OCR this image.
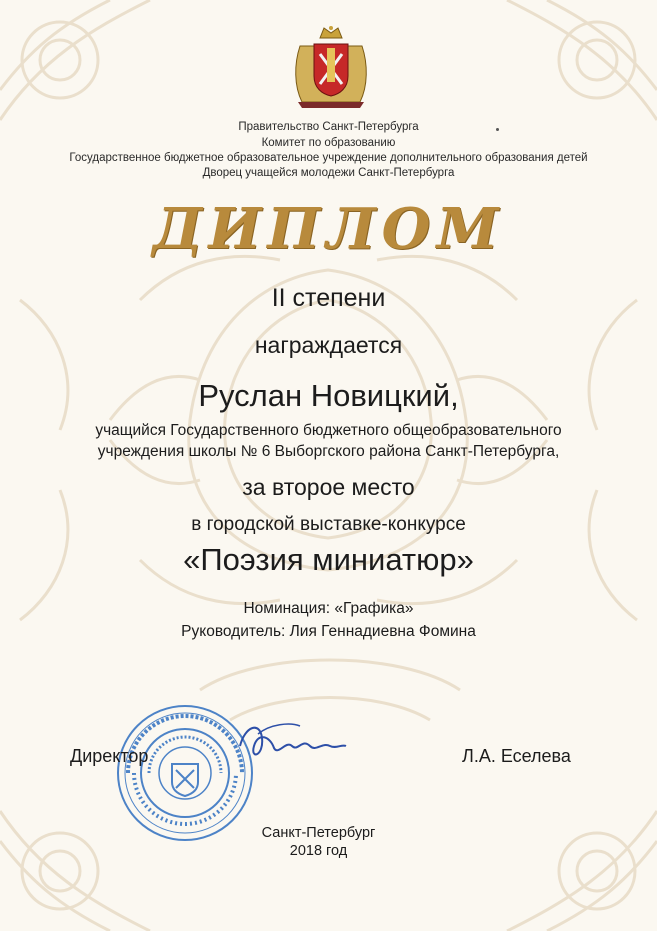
Правительство Санкт-Петербурга
Комитет по образованию
Государственное бюджетное образовательное учреждение дополнительного образования детей
Дворец учащейся молодежи Санкт-Петербурга
ДИПЛОМ
II степени
награждается
Руслан Новицкий,
учащийся Государственного бюджетного общеобразовательного
учреждения школы № 6 Выборгского района Санкт-Петербурга,
за второе место
в городской выставке-конкурсе
«Поэзия миниатюр»
Номинация: «Графика»
Руководитель: Лия Геннадиевна Фомина
Директор	Л.А. Еселева
Санкт-Петербург
2018 год
